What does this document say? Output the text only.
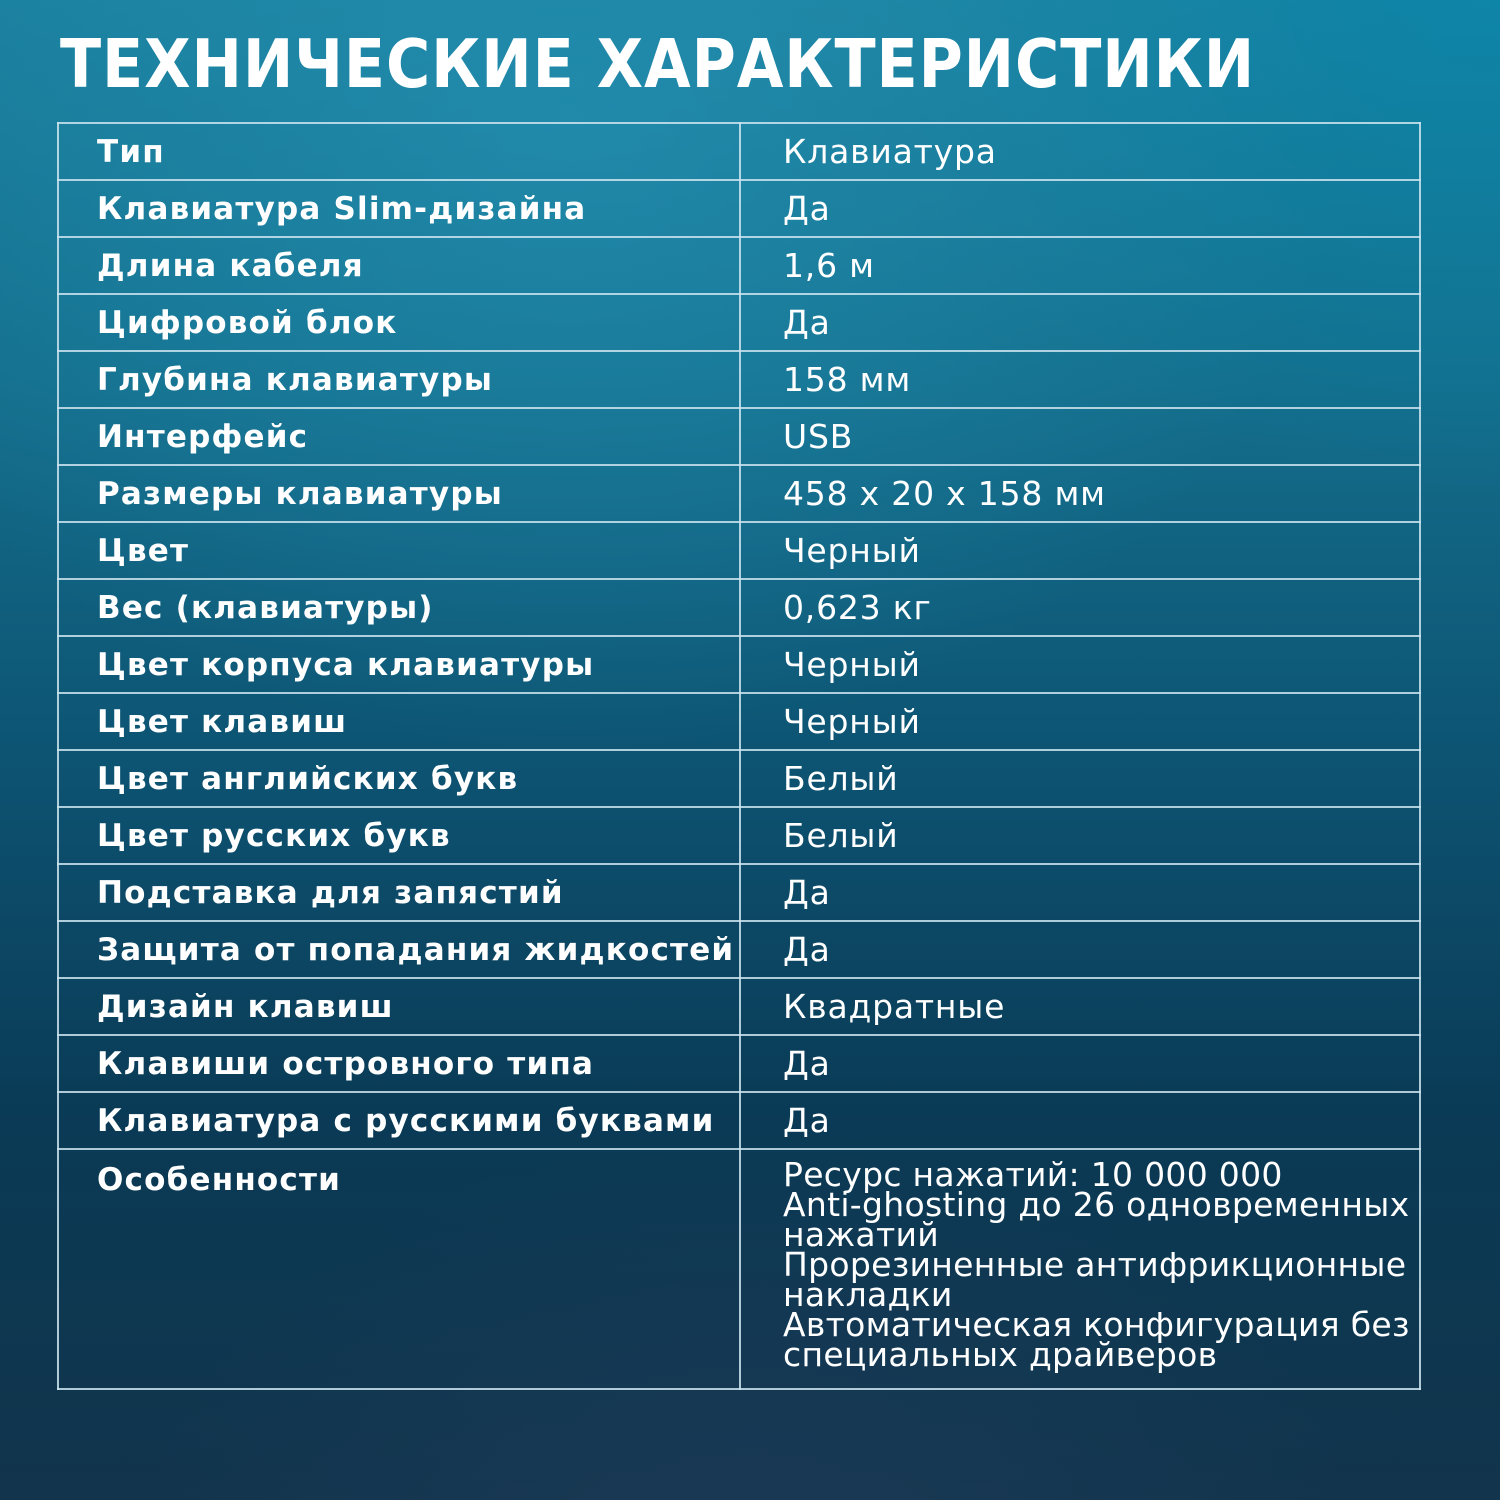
ТЕХНИЧЕСКИЕ ХАРАКТЕРИСТИКИ
Тип	Клавиатура
Клавиатура Slim-дизайна	Да
Длина кабеля	1,6 м
Цифровой блок	Да
Глубина клавиатуры	158 мм
Интерфейс	USB
Размеры клавиатуры	458 x 20 x 158 мм
Цвет	Черный
Вес (клавиатуры)	0,623 кг
Цвет корпуса клавиатуры	Черный
Цвет клавиш	Черный
Цвет английских букв	Белый
Цвет русских букв	Белый
Подставка для запястий	Да
Защита от попадания жидкостей	Да
Дизайн клавиш	Квадратные
Клавиши островного типа	Да
Клавиатура с русскими буквами	Да
Особенности	Ресурс нажатий: 10 000 000
Anti-ghosting до 26 одновременных нажатий
Прорезиненные антифрикционные накладки
Автоматическая конфигурация без специальных драйверов
